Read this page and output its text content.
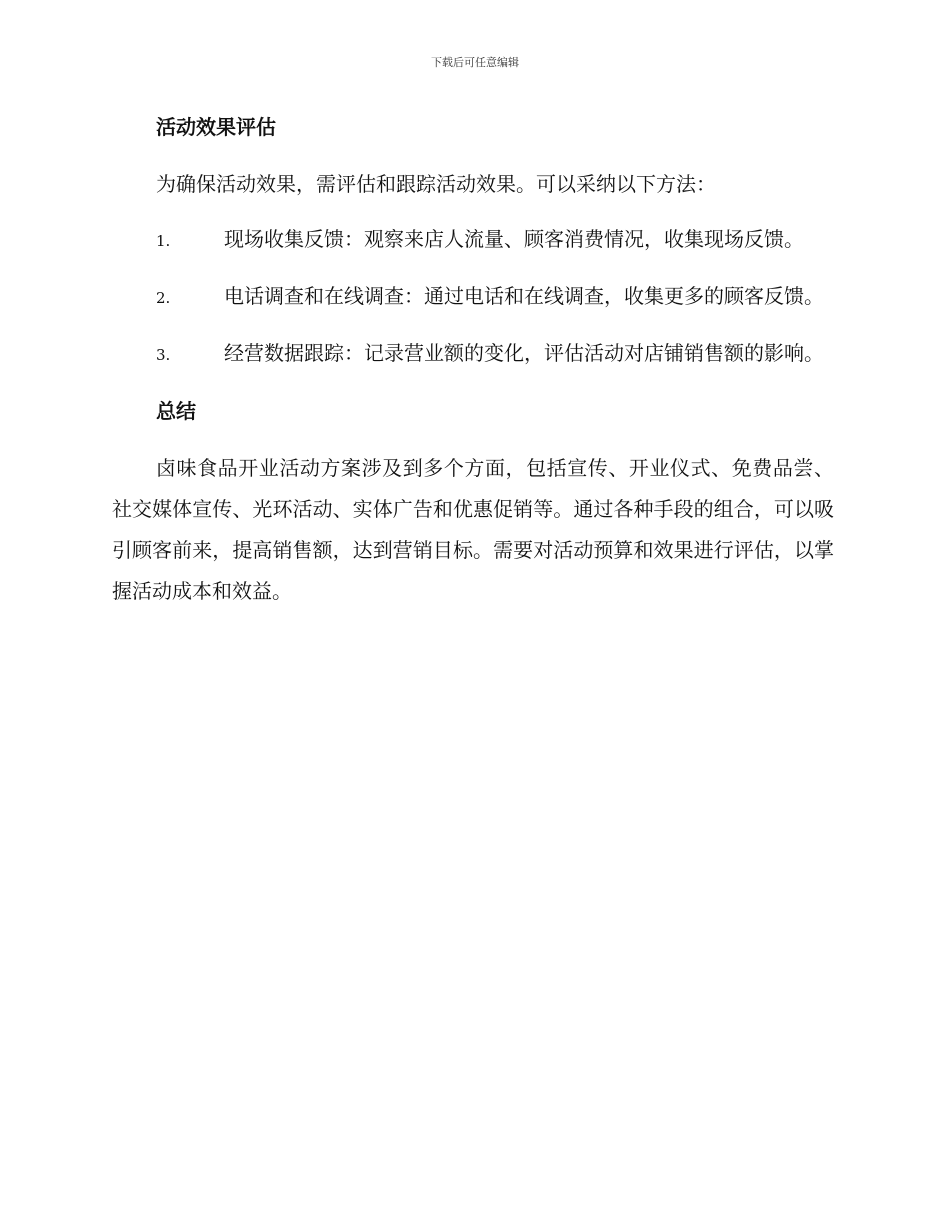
下载后可任意编辑
活动效果评估

为确保活动效果，需评估和跟踪活动效果。可以采纳以下方法：

1.	现场收集反馈：观察来店人流量、顾客消费情况，收集现场反馈。

2.	电话调查和在线调查：通过电话和在线调查，收集更多的顾客反馈。

3.	经营数据跟踪：记录营业额的变化，评估活动对店铺销售额的影响。

总结

卤味食品开业活动方案涉及到多个方面，包括宣传、开业仪式、免费品尝、社交媒体宣传、光环活动、实体广告和优惠促销等。通过各种手段的组合，可以吸引顾客前来，提高销售额，达到营销目标。需要对活动预算和效果进行评估，以掌握活动成本和效益。
